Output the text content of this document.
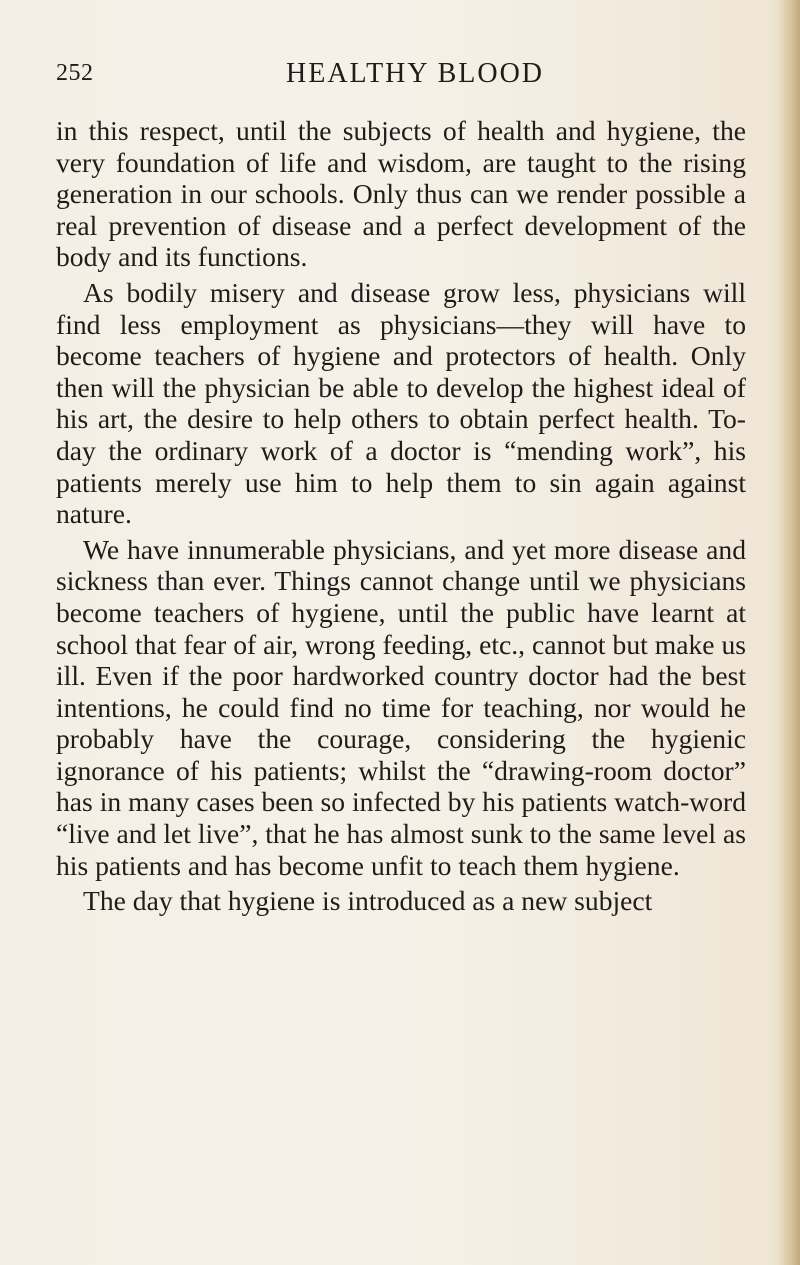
252	HEALTHY BLOOD

in this respect, until the subjects of health and hygiene, the very foundation of life and wisdom, are taught to the rising generation in our schools. Only thus can we render possible a real prevention of disease and a perfect development of the body and its functions.

As bodily misery and disease grow less, physicians will find less employment as physicians—they will have to become teachers of hygiene and protectors of health. Only then will the physician be able to develop the highest ideal of his art, the desire to help others to obtain perfect health. To-day the ordinary work of a doctor is “mending work”, his patients merely use him to help them to sin again against nature.

We have innumerable physicians, and yet more disease and sickness than ever. Things cannot change until we physicians become teachers of hygiene, until the public have learnt at school that fear of air, wrong feeding, etc., cannot but make us ill. Even if the poor hardworked country doctor had the best intentions, he could find no time for teaching, nor would he probably have the courage, considering the hygienic ignorance of his patients; whilst the “drawing-room doctor” has in many cases been so infected by his patients watch-word “live and let live”, that he has almost sunk to the same level as his patients and has become unfit to teach them hygiene.

The day that hygiene is introduced as a new subject
